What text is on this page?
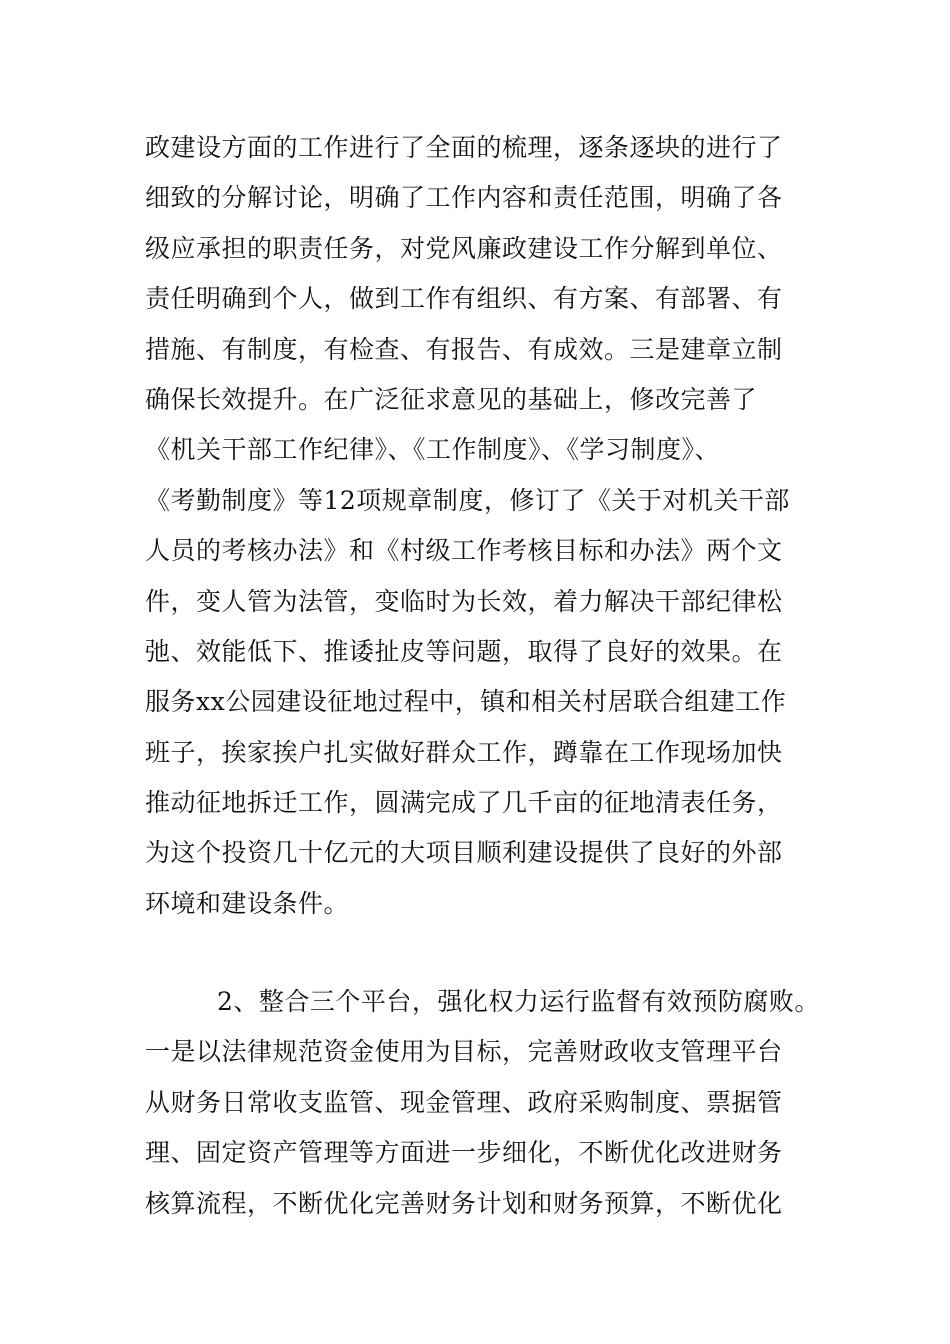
政建设方面的工作进行了全面的梳理，逐条逐块的进行了
细致的分解讨论，明确了工作内容和责任范围，明确了各
级应承担的职责任务，对党风廉政建设工作分解到单位、
责任明确到个人，做到工作有组织、有方案、有部署、有
措施、有制度，有检查、有报告、有成效。三是建章立制
确保长效提升。在广泛征求意见的基础上，修改完善了
《机关干部工作纪律》、《工作制度》、《学习制度》、
《考勤制度》等12项规章制度，修订了《关于对机关干部
人员的考核办法》和《村级工作考核目标和办法》两个文
件，变人管为法管，变临时为长效，着力解决干部纪律松
弛、效能低下、推诿扯皮等问题，取得了良好的效果。在
服务xx公园建设征地过程中，镇和相关村居联合组建工作
班子，挨家挨户扎实做好群众工作，蹲靠在工作现场加快
推动征地拆迁工作，圆满完成了几千亩的征地清表任务，
为这个投资几十亿元的大项目顺利建设提供了良好的外部
环境和建设条件。
2、整合三个平台，强化权力运行监督有效预防腐败。
一是以法律规范资金使用为目标，完善财政收支管理平台
从财务日常收支监管、现金管理、政府采购制度、票据管
理、固定资产管理等方面进一步细化，不断优化改进财务
核算流程，不断优化完善财务计划和财务预算，不断优化
